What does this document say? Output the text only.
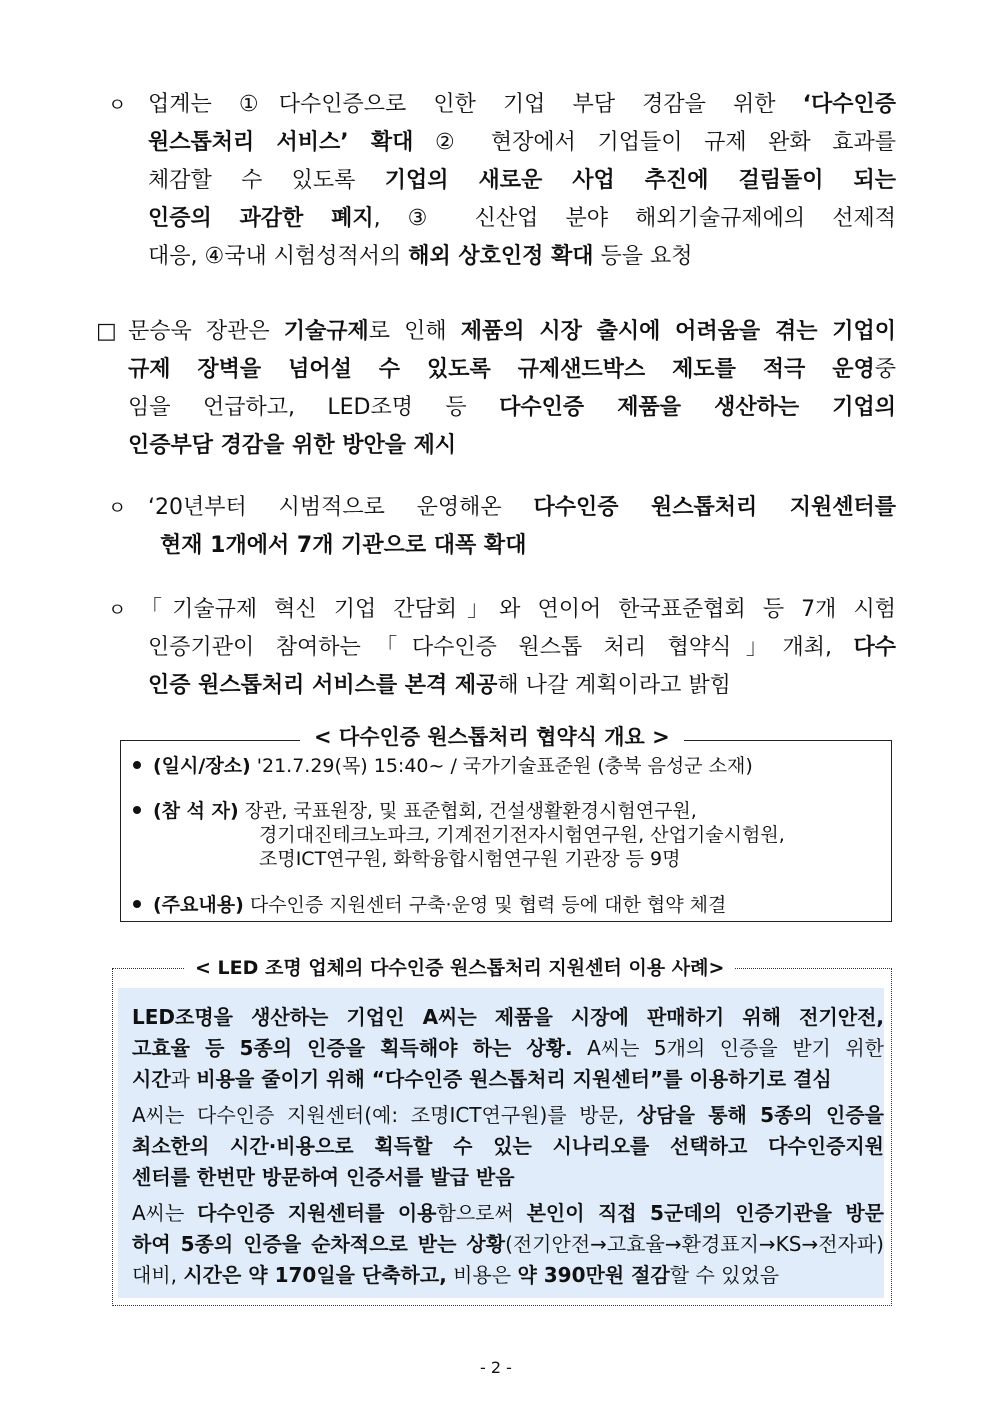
ㅇ 업계는 ①다수인증으로 인한 기업 부담 경감을 위한 ‘다수인증
원스톱처리 서비스’ 확대 ② 현장에서 기업들이 규제 완화 효과를
체감할 수 있도록 기업의 새로운 사업 추진에 걸림돌이 되는
인증의 과감한 폐지, ③ 신산업 분야 해외기술규제에의 선제적
대응, ④국내 시험성적서의 해외 상호인정 확대 등을 요청
□ 문승욱 장관은 기술규제로 인해 제품의 시장 출시에 어려움을 겪는 기업이
규제 장벽을 넘어설 수 있도록 규제샌드박스 제도를 적극 운영중
임을 언급하고, LED조명 등 다수인증 제품을 생산하는 기업의
인증부담 경감을 위한 방안을 제시
ㅇ ‘20년부터 시범적으로 운영해온 다수인증 원스톱처리 지원센터를
현재 1개에서 7개 기관으로 대폭 확대
ㅇ 「기술규제 혁신 기업 간담회」와 연이어 한국표준협회 등 7개 시험
인증기관이 참여하는「다수인증 원스톱 처리 협약식」개최, 다수
인증 원스톱처리 서비스를 본격 제공해 나갈 계획이라고 밝힘
(일시/장소) '21.7.29(목) 15:40~ / 국가기술표준원 (충북 음성군 소재)
(참 석 자) 장관, 국표원장, 및 표준협회, 건설생활환경시험연구원,
경기대진테크노파크, 기계전기전자시험연구원, 산업기술시험원,
조명ICT연구원, 화학융합시험연구원 기관장 등 9명
(주요내용) 다수인증 지원센터 구축·운영 및 협력 등에 대한 협약 체결
< 다수인증 원스톱처리 협약식 개요 >
LED조명을 생산하는 기업인 A씨는 제품을 시장에 판매하기 위해 전기안전,
고효율 등 5종의 인증을 획득해야 하는 상황. A씨는 5개의 인증을 받기 위한
시간과 비용을 줄이기 위해 “다수인증 원스톱처리 지원센터”를 이용하기로 결심
A씨는 다수인증 지원센터(예: 조명ICT연구원)를 방문, 상담을 통해 5종의 인증을
최소한의 시간·비용으로 획득할 수 있는 시나리오를 선택하고 다수인증지원
센터를 한번만 방문하여 인증서를 발급 받음
A씨는 다수인증 지원센터를 이용함으로써 본인이 직접 5군데의 인증기관을 방문
하여 5종의 인증을 순차적으로 받는 상황(전기안전→고효율→환경표지→KS→전자파)
대비, 시간은 약 170일을 단축하고, 비용은 약 390만원 절감할 수 있었음
< LED 조명 업체의 다수인증 원스톱처리 지원센터 이용 사례>
- 2 -
